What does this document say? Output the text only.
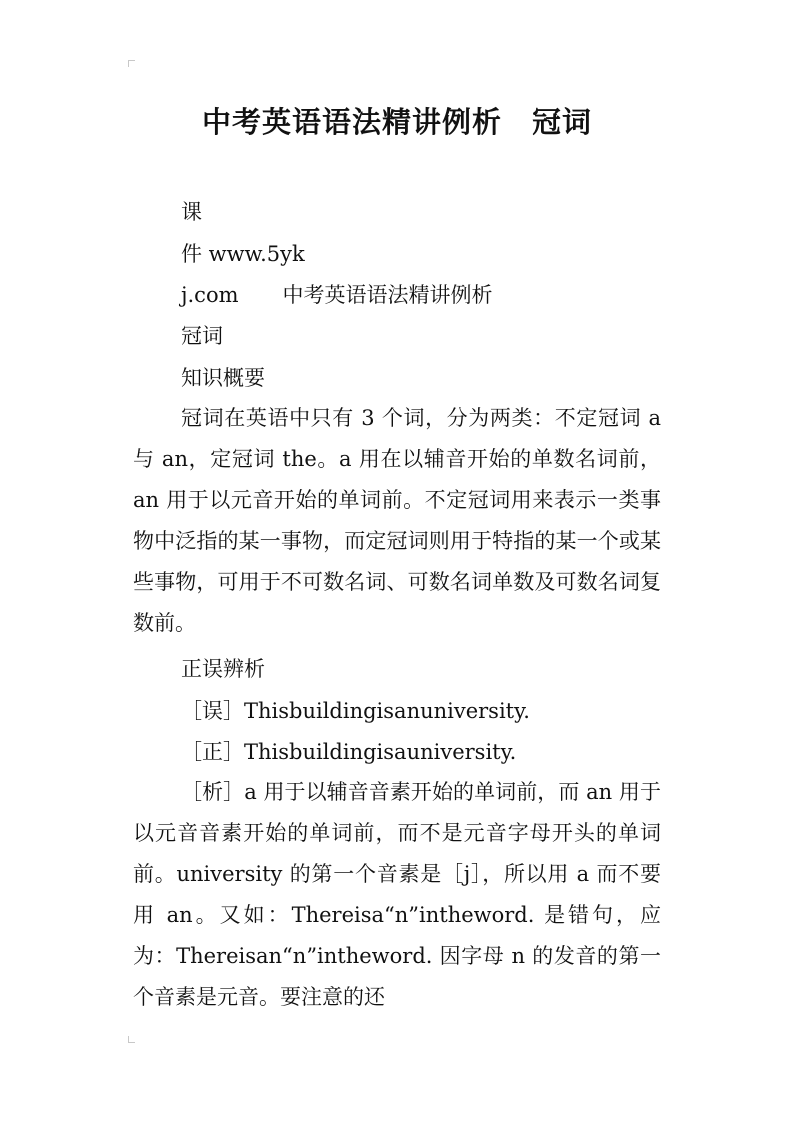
中考英语语法精讲例析　冠词
课
件 www.5yk
j.com 中考英语语法精讲例析
冠词
知识概要

冠词在英语中只有 3 个词，分为两类：不定冠词 a 与 an，定冠词 the。a 用在以辅音开始的单数名词前，an 用于以元音开始的单词前。不定冠词用来表示一类事物中泛指的某一事物，而定冠词则用于特指的某一个或某些事物，可用于不可数名词、可数名词单数及可数名词复数前。

正误辨析
［误］Thisbuildingisanuniversity.
［正］Thisbuildingisauniversity.

［析］a 用于以辅音音素开始的单词前，而 an 用于以元音音素开始的单词前，而不是元音字母开头的单词前。university 的第一个音素是［j］，所以用 a 而不要用 an。又如：Thereisa“n”intheword. 是错句，应为：Thereisan“n”intheword. 因字母 n 的发音的第一个音素是元音。要注意的还
